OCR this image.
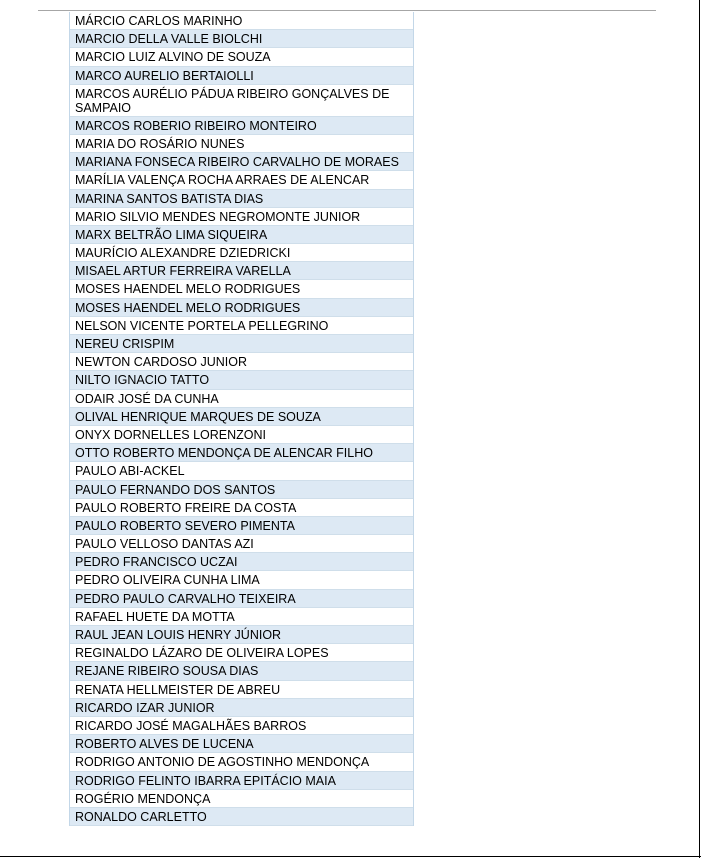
MÁRCIO CARLOS MARINHO
MARCIO DELLA VALLE BIOLCHI
MARCIO LUIZ ALVINO DE SOUZA
MARCO AURELIO BERTAIOLLI
MARCOS AURÉLIO PÁDUA RIBEIRO GONÇALVES DE SAMPAIO
MARCOS ROBERIO RIBEIRO MONTEIRO
MARIA DO ROSÁRIO NUNES
MARIANA FONSECA RIBEIRO CARVALHO DE MORAES
MARÍLIA VALENÇA ROCHA ARRAES DE ALENCAR
MARINA SANTOS BATISTA DIAS
MARIO SILVIO MENDES NEGROMONTE JUNIOR
MARX BELTRÃO LIMA SIQUEIRA
MAURÍCIO ALEXANDRE DZIEDRICKI
MISAEL ARTUR FERREIRA VARELLA
MOSES HAENDEL MELO RODRIGUES
MOSES HAENDEL MELO RODRIGUES
NELSON VICENTE PORTELA PELLEGRINO
NEREU CRISPIM
NEWTON CARDOSO JUNIOR
NILTO IGNACIO TATTO
ODAIR JOSÉ DA CUNHA
OLIVAL HENRIQUE MARQUES DE SOUZA
ONYX DORNELLES LORENZONI
OTTO ROBERTO MENDONÇA DE ALENCAR FILHO
PAULO ABI-ACKEL
PAULO FERNANDO DOS SANTOS
PAULO ROBERTO FREIRE DA COSTA
PAULO ROBERTO SEVERO PIMENTA
PAULO VELLOSO DANTAS AZI
PEDRO FRANCISCO UCZAI
PEDRO OLIVEIRA CUNHA LIMA
PEDRO PAULO CARVALHO TEIXEIRA
RAFAEL HUETE DA MOTTA
RAUL JEAN LOUIS HENRY JÚNIOR
REGINALDO LÁZARO DE OLIVEIRA LOPES
REJANE RIBEIRO SOUSA DIAS
RENATA HELLMEISTER DE ABREU
RICARDO IZAR JUNIOR
RICARDO JOSÉ MAGALHÃES BARROS
ROBERTO ALVES DE LUCENA
RODRIGO ANTONIO DE AGOSTINHO MENDONÇA
RODRIGO FELINTO IBARRA EPITÁCIO MAIA
ROGÉRIO MENDONÇA
RONALDO CARLETTO
